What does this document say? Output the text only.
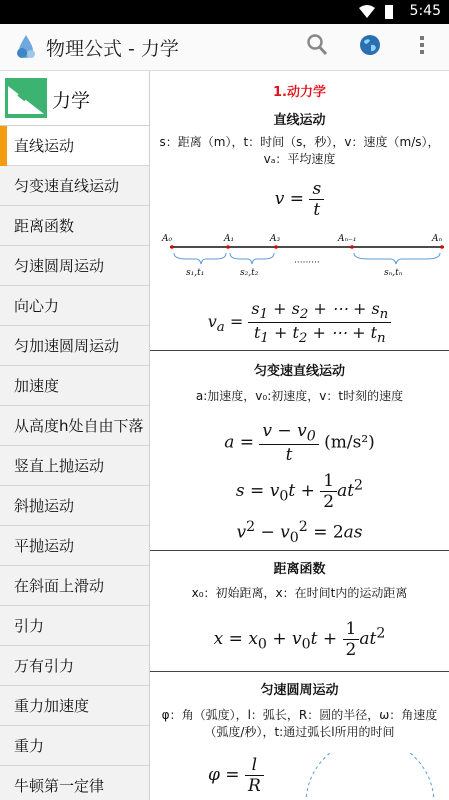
5:45
物理公式 - 力学
力学
直线运动
匀变速直线运动
距离函数
匀速圆周运动
向心力
匀加速圆周运动
加速度
从高度h处自由下落
竖直上抛运动
斜抛运动
平抛运动
在斜面上滑动
引力
万有引力
重力加速度
重力
牛顿第一定律
1.动力学
直线运动
s：距离（m），t：时间（s，秒），v：速度（m/s），vₐ：平均速度
$v = \frac{s}{t}$
A₀	A₁	A₃	Aₙ₋₁	Aₙ
s₁,t₁	s₂,t₂	sₙ,tₙ
·········
$v_a = \frac{s_1 + s_2 + \cdots + s_n}{t_1 + t_2 + \cdots + t_n}$
匀变速直线运动
a:加速度，v₀:初速度，v：t时刻的速度
$a = \frac{v - v_0}{t} (m/s^2)$
$s = v_0t + \frac{1}{2} at^2$
$v^2 - v_0^2 = 2as$
距离函数
x₀：初始距离，x：在时间t内的运动距离
$x = x_0 + v_0t + \frac{1}{2} at^2$
匀速圆周运动
φ：角（弧度），l：弧长，R：圆的半径，ω：角速度（弧度/秒），t:通过弧长l所用的时间
$\varphi = \frac{l}{R}$
